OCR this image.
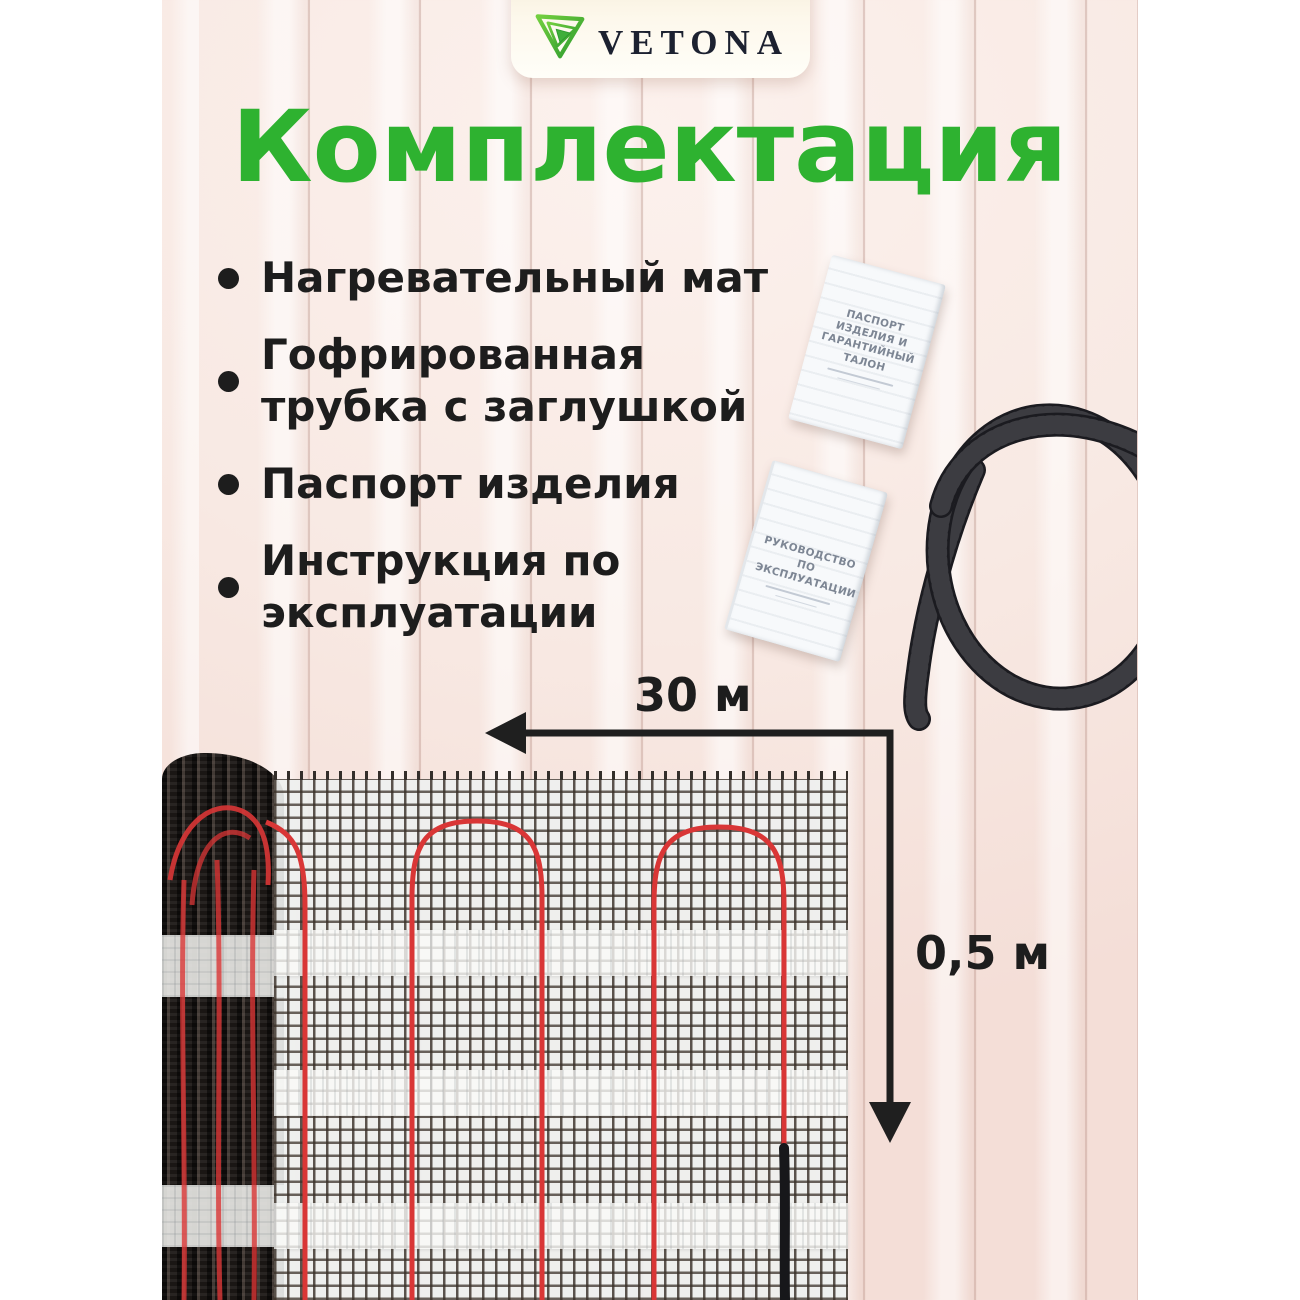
VETONA
Комплектация
Нагревательный мат
Гофрированная трубка с заглушкой
Паспорт изделия
Инструкция по эксплуатации
ПАСПОРТ ИЗДЕЛИЯ И ГАРАНТИЙНЫЙ ТАЛОН
РУКОВОДСТВО ПО ЭКСПЛУАТАЦИИ
30 м
0,5 м
